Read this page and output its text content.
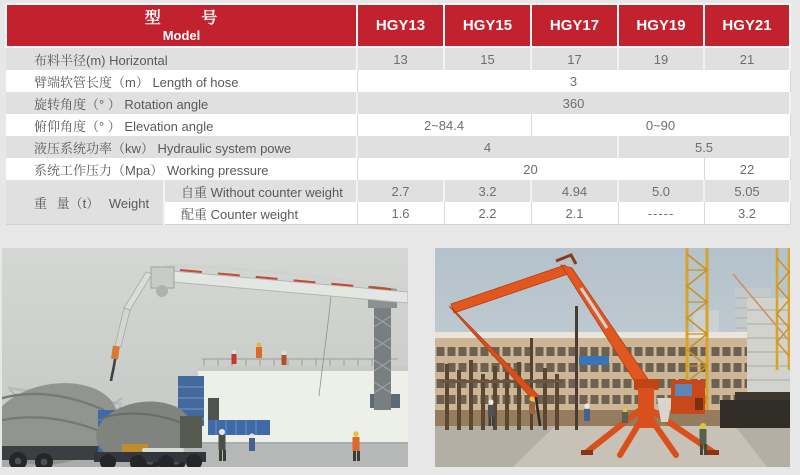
型 号
Model		HGY13	HGY15	HGY17	HGY19	HGY21
布料半径(m) Horizontal		13	15	17	19	21
臂端软管长度（m） Length of hose		3				
旋转角度（° ） Rotation angle		360				
俯仰角度（° ） Elevation angle		2~84.4		0~90		
液压系统功率（kw） Hydraulic system powe		4			5.5	
系统工作压力（Mpa） Working pressure		20				22
重 量（t） Weight	自重 Without counter weight	2.7	3.2	4.94	5.0	5.05
	配重 Counter weight	1.6	2.2	2.1	-----	3.2
